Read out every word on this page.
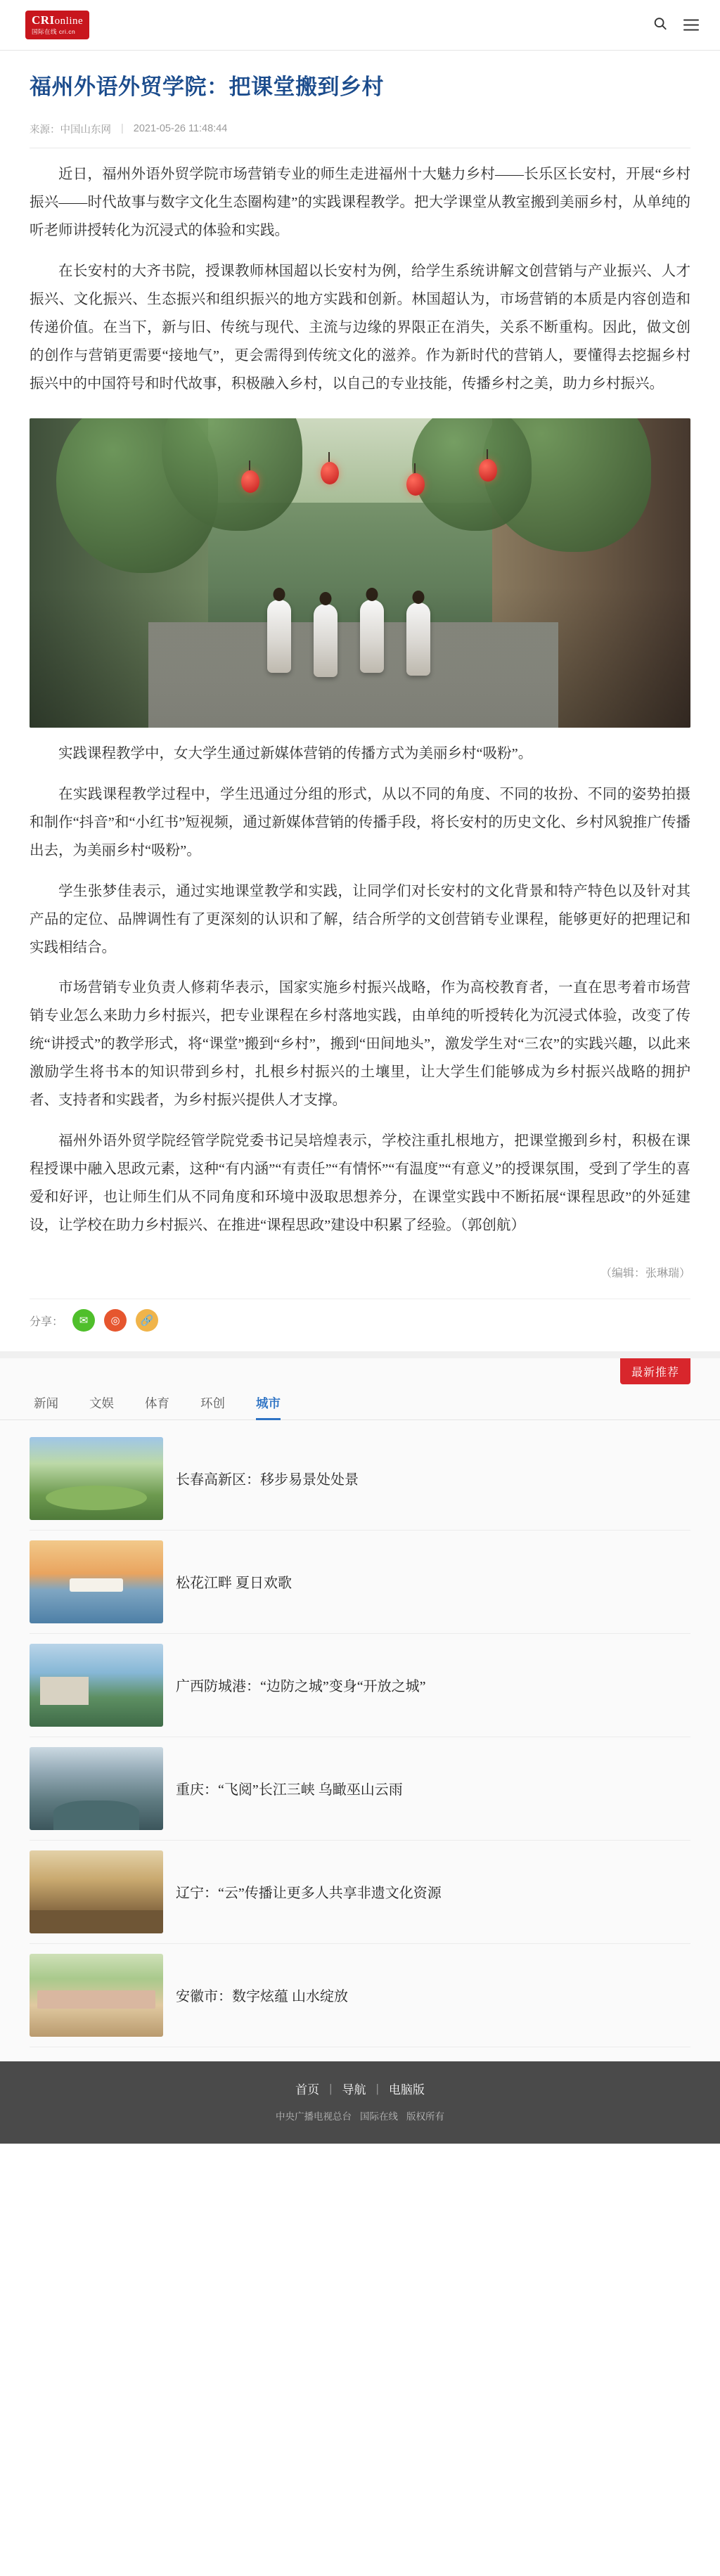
CRIonline
国际在线 cri.cn
福州外语外贸学院：把课堂搬到乡村
来源：中国山东网 | 2021-05-26 11:48:44

近日，福州外语外贸学院市场营销专业的师生走进福州十大魅力乡村——长乐区长安村，开展“乡村振兴——时代故事与数字文化生态圈构建”的实践课程教学。把大学课堂从教室搬到美丽乡村，从单纯的听老师讲授转化为沉浸式的体验和实践。

在长安村的大齐书院，授课教师林国超以长安村为例，给学生系统讲解文创营销与产业振兴、人才振兴、文化振兴、生态振兴和组织振兴的地方实践和创新。林国超认为，市场营销的本质是内容创造和传递价值。在当下，新与旧、传统与现代、主流与边缘的界限正在消失，关系不断重构。因此，做文创的创作与营销更需要“接地气”，更会需得到传统文化的滋养。作为新时代的营销人，要懂得去挖掘乡村振兴中的中国符号和时代故事，积极融入乡村，以自己的专业技能，传播乡村之美，助力乡村振兴。

实践课程教学中，女大学生通过新媒体营销的传播方式为美丽乡村“吸粉”。

在实践课程教学过程中，学生迅通过分组的形式，从以不同的角度、不同的妆扮、不同的姿势拍摄和制作“抖音”和“小红书”短视频，通过新媒体营销的传播手段，将长安村的历史文化、乡村风貌推广传播出去，为美丽乡村“吸粉”。

学生张梦佳表示，通过实地课堂教学和实践，让同学们对长安村的文化背景和特产特色以及针对其产品的定位、品牌调性有了更深刻的认识和了解，结合所学的文创营销专业课程，能够更好的把理记和实践相结合。

市场营销专业负责人修莉华表示，国家实施乡村振兴战略，作为高校教育者，一直在思考着市场营销专业怎么来助力乡村振兴，把专业课程在乡村落地实践，由单纯的听授转化为沉浸式体验，改变了传统“讲授式”的教学形式，将“课堂”搬到“乡村”，搬到“田间地头”，激发学生对“三农”的实践兴趣，以此来激励学生将书本的知识带到乡村，扎根乡村振兴的土壤里，让大学生们能够成为乡村振兴战略的拥护者、支持者和实践者，为乡村振兴提供人才支撑。

福州外语外贸学院经管学院党委书记吴培煌表示，学校注重扎根地方，把课堂搬到乡村，积极在课程授课中融入思政元素，这种“有内涵”“有责任”“有情怀”“有温度”“有意义”的授课氛围，受到了学生的喜爱和好评，也让师生们从不同角度和环境中汲取思想养分，在课堂实践中不断拓展“课程思政”的外延建设，让学校在助力乡村振兴、在推进“课程思政”建设中积累了经验。（郭创航）

（编辑：张琳瑞）
分享：	✉	◎	🔗
最新推荐
新闻	文娱	体育	环创	城市
长春高新区：移步易景处处景
松花江畔 夏日欢歌
广西防城港：“边防之城”变身“开放之城”
重庆：“飞阅”长江三峡 乌瞰巫山云雨
辽宁：“云”传播让更多人共享非遗文化资源
安徽市：数字炫蕴 山水绽放
首页 | 导航 | 电脑版
中央广播电视总台 国际在线 版权所有
